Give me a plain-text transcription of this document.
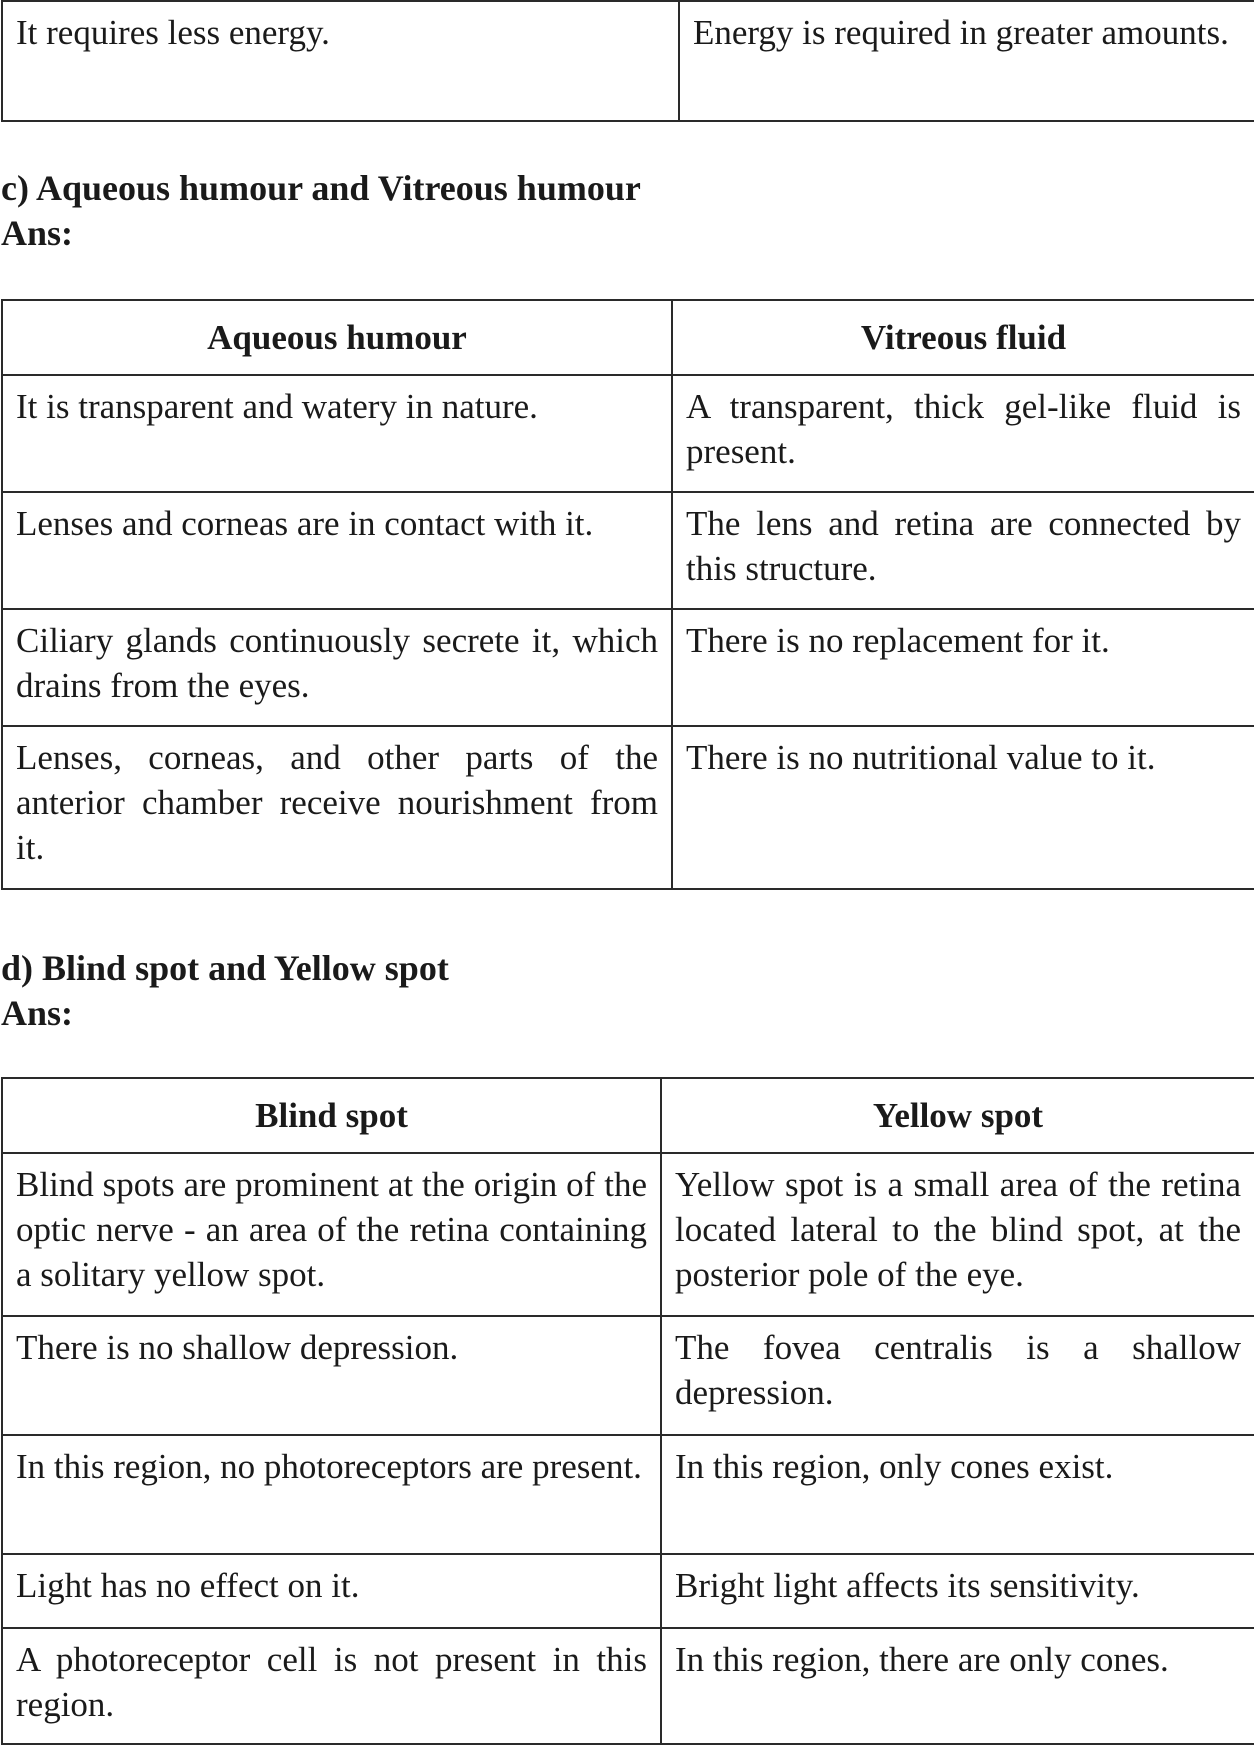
It requires less energy.	Energy is required in greater amounts.
c) Aqueous humour and Vitreous humour
Ans:
Aqueous humour	Vitreous fluid
It is transparent and watery in nature.	A transparent, thick gel-like fluid is present.
Lenses and corneas are in contact with it.	The lens and retina are connected by this structure.
Ciliary glands continuously secrete it, which drains from the eyes.	There is no replacement for it.
Lenses, corneas, and other parts of the anterior chamber receive nourishment from it.	There is no nutritional value to it.
d) Blind spot and Yellow spot
Ans:
Blind spot	Yellow spot
Blind spots are prominent at the origin of the optic nerve - an area of the retina containing a solitary yellow spot.	Yellow spot is a small area of the retina located lateral to the blind spot, at the posterior pole of the eye.
There is no shallow depression.	The fovea centralis is a shallow depression.
In this region, no photoreceptors are present.	In this region, only cones exist.
Light has no effect on it.	Bright light affects its sensitivity.
A photoreceptor cell is not present in this region.	In this region, there are only cones.
